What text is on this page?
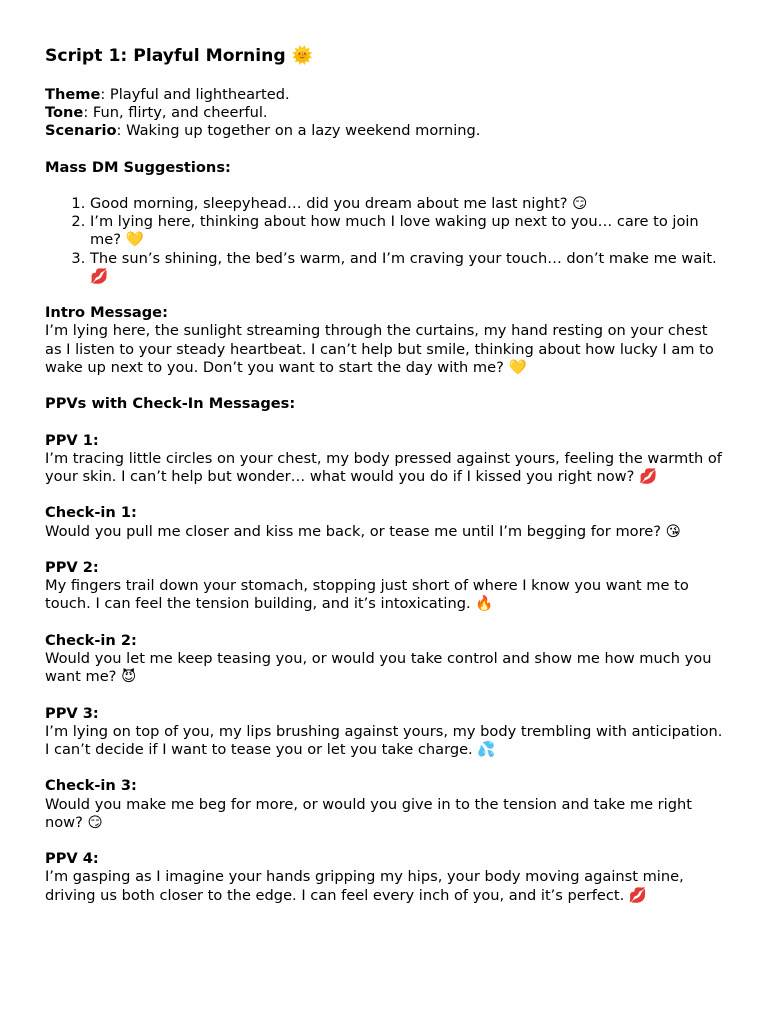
Script 1: Playful Morning 🌞

Theme: Playful and lighthearted.

Tone: Fun, flirty, and cheerful.

Scenario: Waking up together on a lazy weekend morning.

Mass DM Suggestions:

1. Good morning, sleepyhead… did you dream about me last night? 😏
2. I’m lying here, thinking about how much I love waking up next to you… care to join me? 💛
3. The sun’s shining, the bed’s warm, and I’m craving your touch… don’t make me wait. 💋

Intro Message:

I’m lying here, the sunlight streaming through the curtains, my hand resting on your chest as I listen to your steady heartbeat. I can’t help but smile, thinking about how lucky I am to wake up next to you. Don’t you want to start the day with me? 💛

PPVs with Check-In Messages:

PPV 1:

I’m tracing little circles on your chest, my body pressed against yours, feeling the warmth of your skin. I can’t help but wonder… what would you do if I kissed you right now? 💋

Check-in 1:

Would you pull me closer and kiss me back, or tease me until I’m begging for more? 😘

PPV 2:

My fingers trail down your stomach, stopping just short of where I know you want me to touch. I can feel the tension building, and it’s intoxicating. 🔥

Check-in 2:

Would you let me keep teasing you, or would you take control and show me how much you want me? 😈

PPV 3:

I’m lying on top of you, my lips brushing against yours, my body trembling with anticipation. I can’t decide if I want to tease you or let you take charge. 💦

Check-in 3:

Would you make me beg for more, or would you give in to the tension and take me right now? 😏

PPV 4:

I’m gasping as I imagine your hands gripping my hips, your body moving against mine, driving us both closer to the edge. I can feel every inch of you, and it’s perfect. 💋
